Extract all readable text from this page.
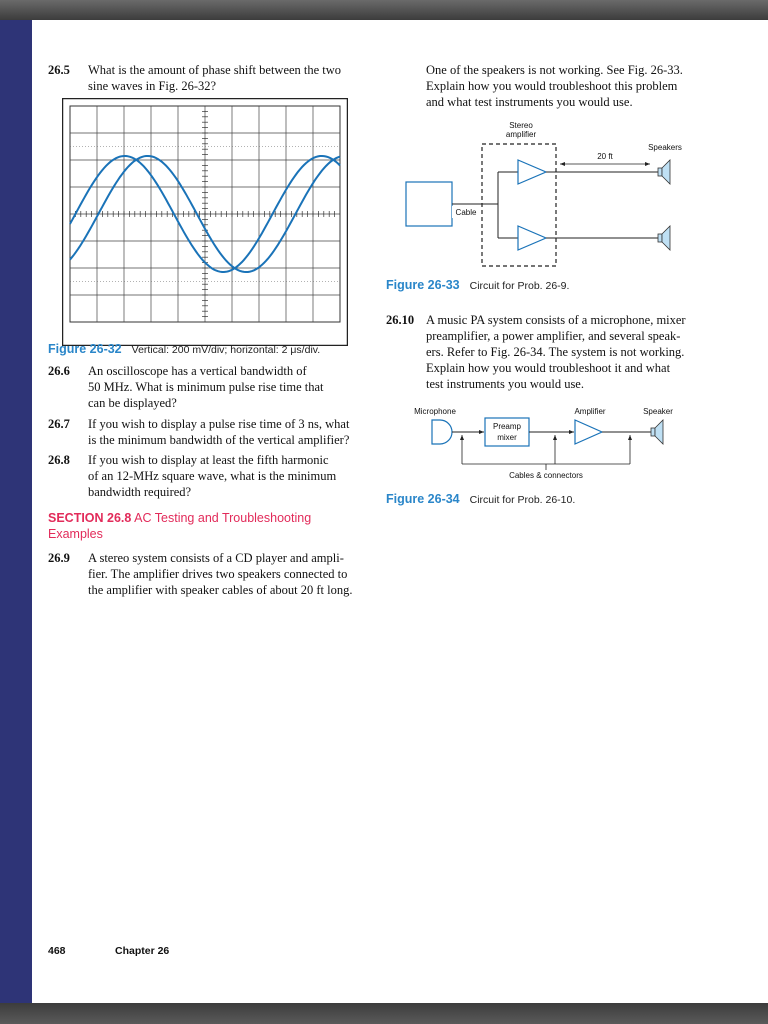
26.5 What is the amount of phase shift between the two
sine waves in Fig. 26-32?
Figure 26-32 Vertical: 200 mV/div; horizontal: 2 μs/div.
26.6 An oscilloscope has a vertical bandwidth of
50 MHz. What is minimum pulse rise time that
can be displayed?
26.7 If you wish to display a pulse rise time of 3 ns, what
is the minimum bandwidth of the vertical amplifier?
26.8 If you wish to display at least the fifth harmonic
of an 12-MHz square wave, what is the minimum
bandwidth required?
SECTION 26.8 AC Testing and Troubleshooting
Examples
26.9 A stereo system consists of a CD player and ampli-
fier. The amplifier drives two speakers connected to
the amplifier with speaker cables of about 20 ft long.
One of the speakers is not working. See Fig. 26-33.
Explain how you would troubleshoot this problem
and what test instruments you would use.
Stereo
amplifier
Cable
20 ft
Speakers
Figure 26-33 Circuit for Prob. 26-9.
26.10 A music PA system consists of a microphone, mixer
preamplifier, a power amplifier, and several speak-
ers. Refer to Fig. 26-34. The system is not working.
Explain how you would troubleshoot it and what
test instruments you would use.
Microphone	Amplifier	Speaker
Preamp
mixer
Cables & connectors
Figure 26-34 Circuit for Prob. 26-10.
468	Chapter 26
